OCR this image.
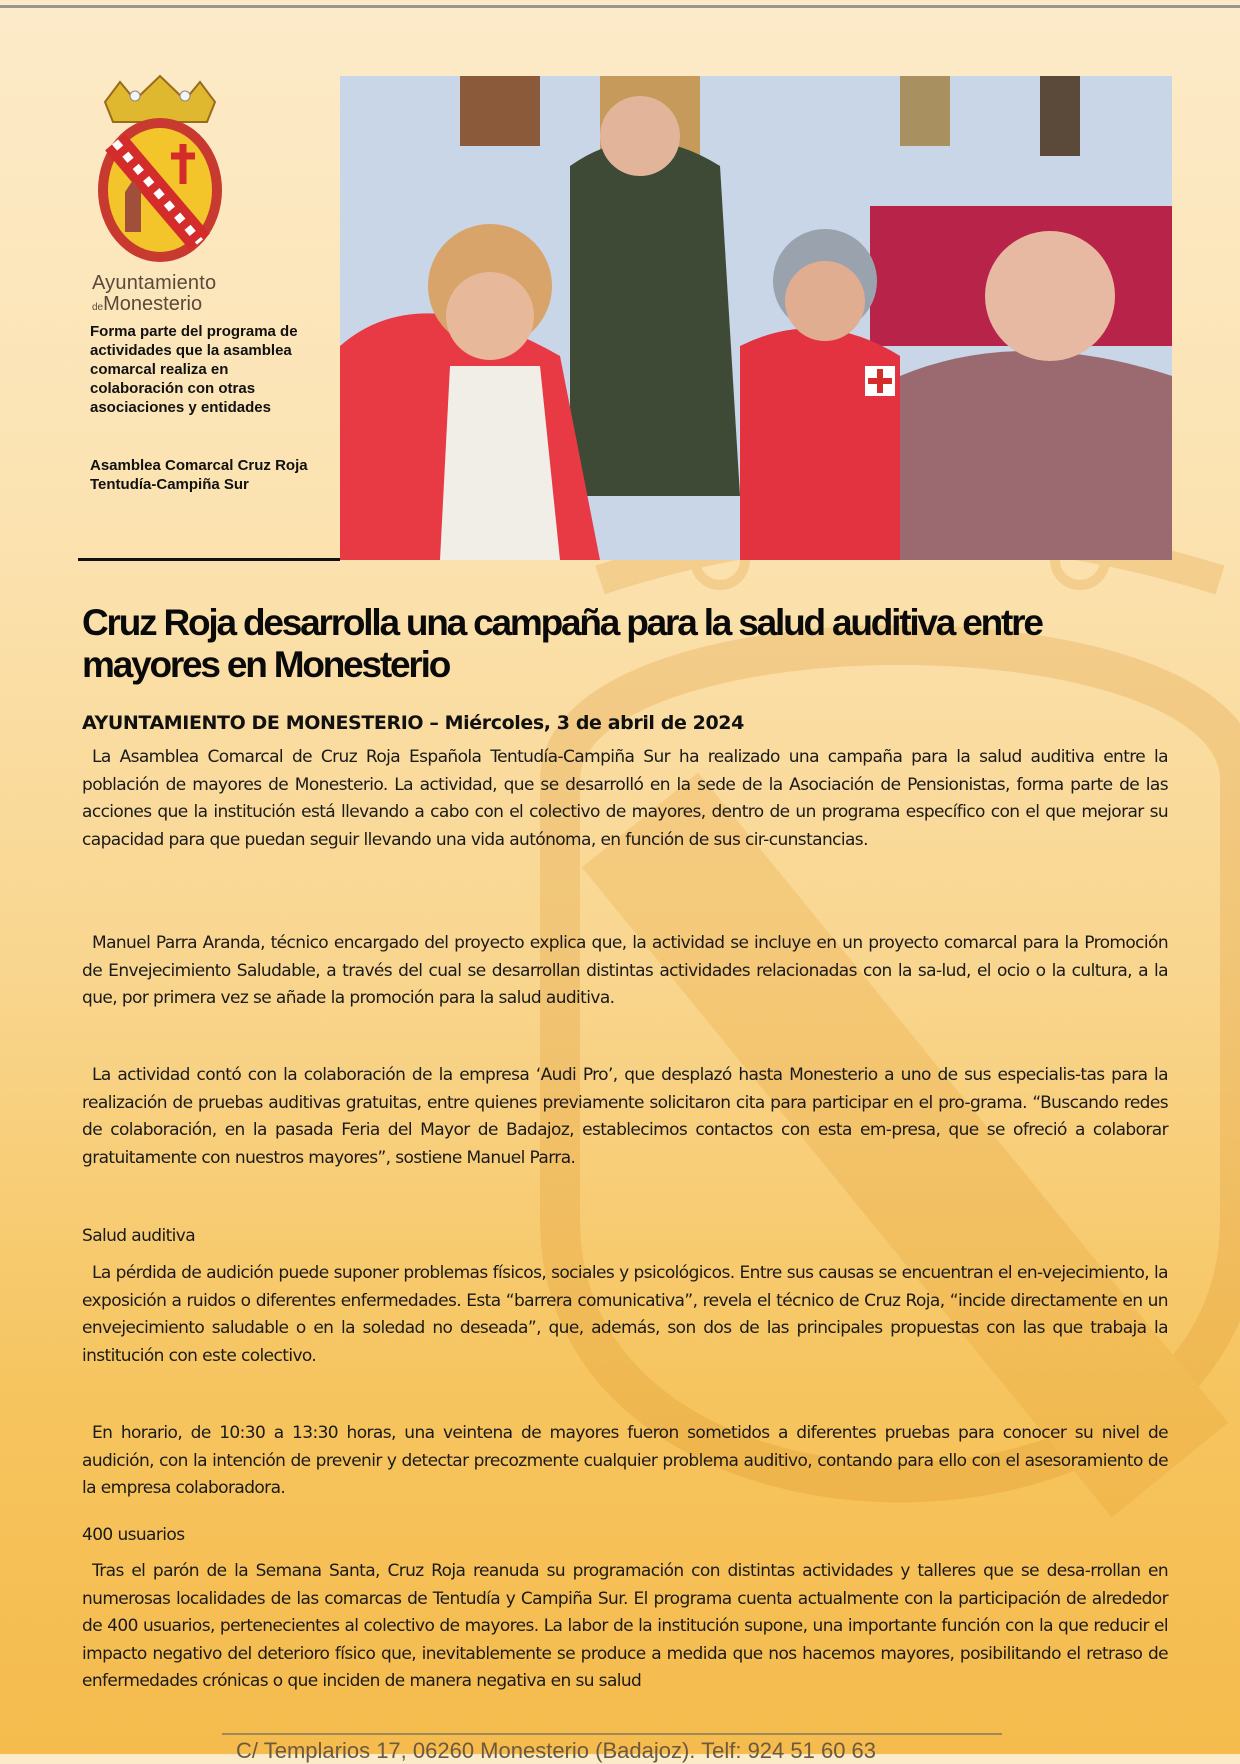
Ayuntamiento
deMonesterio
Forma parte del programa de actividades que la asamblea comarcal realiza en colaboración con otras asociaciones y entidades
Asamblea Comarcal Cruz Roja Tentudía-Campiña Sur
Cruz Roja desarrolla una campaña para la salud auditiva entre mayores en Monesterio
AYUNTAMIENTO DE MONESTERIO – Miércoles, 3 de abril de 2024

La Asamblea Comarcal de Cruz Roja Española Tentudía-Campiña Sur ha realizado una campaña para la salud auditiva entre la población de mayores de Monesterio. La actividad, que se desarrolló en la sede de la Asociación de Pensionistas, forma parte de las acciones que la institución está llevando a cabo con el colectivo de mayores, dentro de un programa específico con el que mejorar su capacidad para que puedan seguir llevando una vida autónoma, en función de sus cir-cunstancias.

Manuel Parra Aranda, técnico encargado del proyecto explica que, la actividad se incluye en un proyecto comarcal para la Promoción de Envejecimiento Saludable, a través del cual se desarrollan distintas actividades relacionadas con la sa-lud, el ocio o la cultura, a la que, por primera vez se añade la promoción para la salud auditiva.

La actividad contó con la colaboración de la empresa ‘Audi Pro’, que desplazó hasta Monesterio a uno de sus especialis-tas para la realización de pruebas auditivas gratuitas, entre quienes previamente solicitaron cita para participar en el pro-grama. “Buscando redes de colaboración, en la pasada Feria del Mayor de Badajoz, establecimos contactos con esta em-presa, que se ofreció a colaborar gratuitamente con nuestros mayores”, sostiene Manuel Parra.

Salud auditiva

La pérdida de audición puede suponer problemas físicos, sociales y psicológicos. Entre sus causas se encuentran el en-vejecimiento, la exposición a ruidos o diferentes enfermedades. Esta “barrera comunicativa”, revela el técnico de Cruz Roja, “incide directamente en un envejecimiento saludable o en la soledad no deseada”, que, además, son dos de las principales propuestas con las que trabaja la institución con este colectivo.

En horario, de 10:30 a 13:30 horas, una veintena de mayores fueron sometidos a diferentes pruebas para conocer su nivel de audición, con la intención de prevenir y detectar precozmente cualquier problema auditivo, contando para ello con el asesoramiento de la empresa colaboradora.

400 usuarios

Tras el parón de la Semana Santa, Cruz Roja reanuda su programación con distintas actividades y talleres que se desa-rrollan en numerosas localidades de las comarcas de Tentudía y Campiña Sur. El programa cuenta actualmente con la participación de alrededor de 400 usuarios, pertenecientes al colectivo de mayores. La labor de la institución supone, una importante función con la que reducir el impacto negativo del deterioro físico que, inevitablemente se produce a medida que nos hacemos mayores, posibilitando el retraso de enfermedades crónicas o que inciden de manera negativa en su salud

C/ Templarios 17, 06260 Monesterio (Badajoz). Telf: 924 51 60 63
